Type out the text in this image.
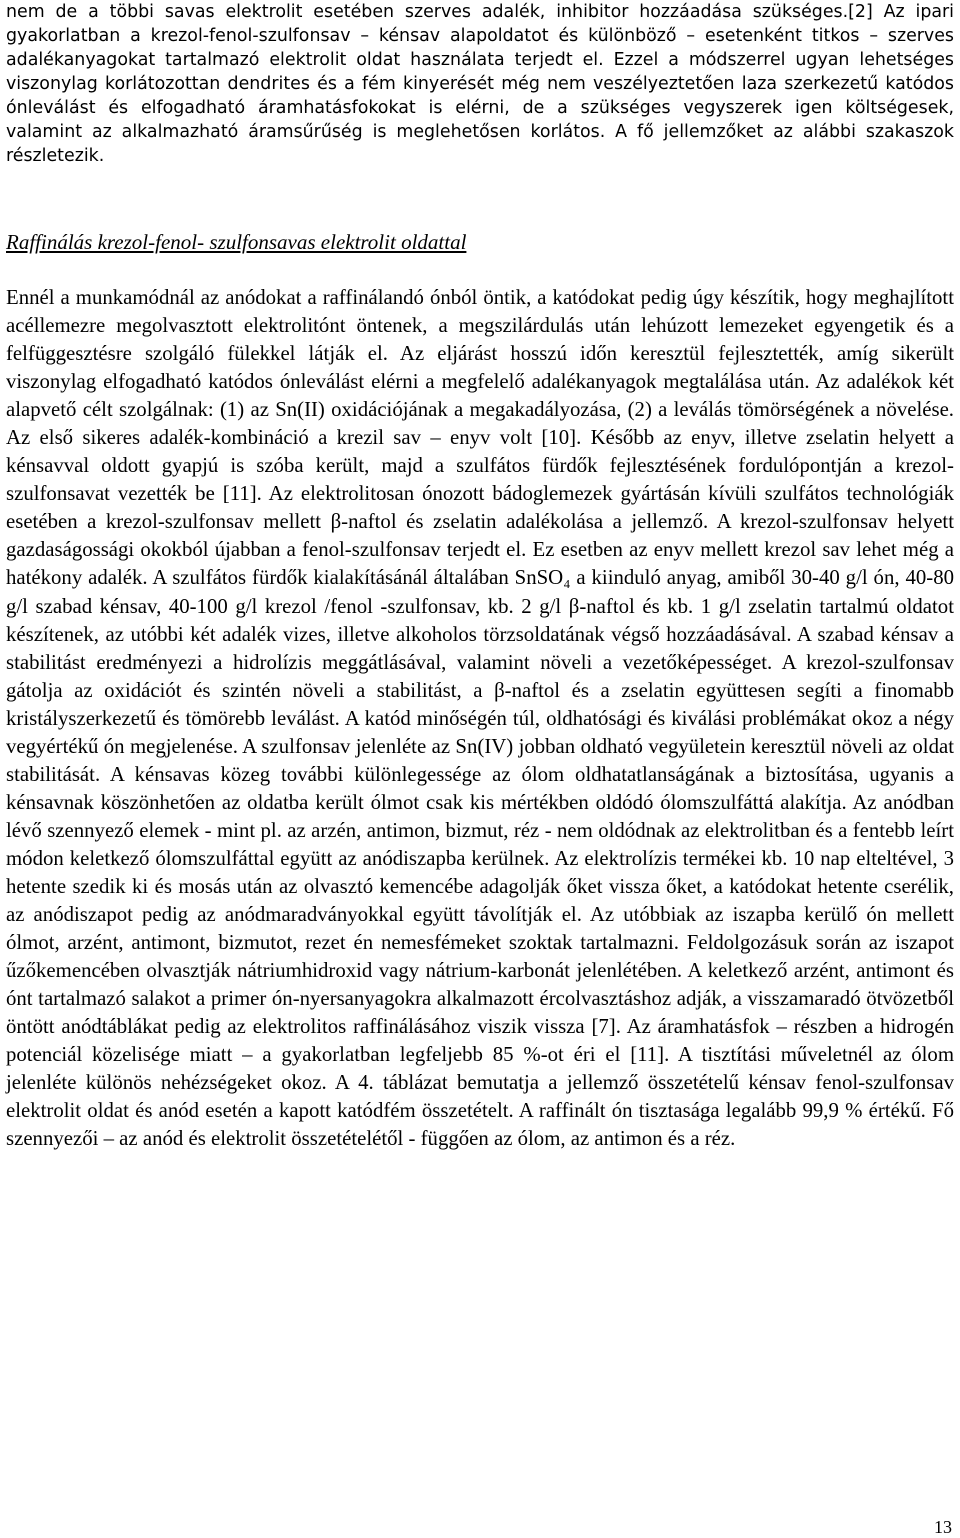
nem de a többi savas elektrolit esetében szerves adalék, inhibitor hozzáadása szükséges.[2] Az ipari gyakorlatban a krezol-fenol-szulfonsav – kénsav alapoldatot és különböző – esetenként titkos – szerves adalékanyagokat tartalmazó elektrolit oldat használata terjedt el. Ezzel a módszerrel ugyan lehetséges viszonylag korlátozottan dendrites és a fém kinyerését még nem veszélyeztetően laza szerkezetű katódos ónleválást és elfogadható áramhatásfokokat is elérni, de a szükséges vegyszerek igen költségesek, valamint az alkalmazható áramsűrűség is meglehetősen korlátos. A fő jellemzőket az alábbi szakaszok részletezik.

Raffinálás krezol-fenol- szulfonsavas elektrolit oldattal

Ennél a munkamódnál az anódokat a raffinálandó ónból öntik, a katódokat pedig úgy készítik, hogy meghajlított acéllemezre megolvasztott elektrolitónt öntenek, a megszilárdulás után lehúzott lemezeket egyengetik és a felfüggesztésre szolgáló fülekkel látják el. Az eljárást hosszú időn keresztül fejlesztették, amíg sikerült viszonylag elfogadható katódos ónleválást elérni a megfelelő adalékanyagok megtalálása után. Az adalékok két alapvető célt szolgálnak: (1) az Sn(II) oxidációjának a megakadályozása, (2) a leválás tömörségének a növelése. Az első sikeres adalék-kombináció a krezil sav – enyv volt [10]. Később az enyv, illetve zselatin helyett a kénsavval oldott gyapjú is szóba került, majd a szulfátos fürdők fejlesztésének fordulópontján a krezol-szulfonsavat vezették be [11]. Az elektrolitosan ónozott bádoglemezek gyártásán kívüli szulfátos technológiák esetében a krezol-szulfonsav mellett β-naftol és zselatin adalékolása a jellemző. A krezol-szulfonsav helyett gazdaságossági okokból újabban a fenol-szulfonsav terjedt el. Ez esetben az enyv mellett krezol sav lehet még a hatékony adalék. A szulfátos fürdők kialakításánál általában SnSO₄ a kiinduló anyag, amiből 30-40 g/l ón, 40-80 g/l szabad kénsav, 40-100 g/l krezol /fenol -szulfonsav, kb. 2 g/l β-naftol és kb. 1 g/l zselatin tartalmú oldatot készítenek, az utóbbi két adalék vizes, illetve alkoholos törzsoldatának végső hozzáadásával. A szabad kénsav a stabilitást eredményezi a hidrolízis meggátlásával, valamint növeli a vezetőképességet. A krezol-szulfonsav gátolja az oxidációt és szintén növeli a stabilitást, a β-naftol és a zselatin együttesen segíti a finomabb kristályszerkezetű és tömörebb leválást. A katód minőségén túl, oldhatósági és kiválási problémákat okoz a négy vegyértékű ón megjelenése. A szulfonsav jelenléte az Sn(IV) jobban oldható vegyületein keresztül növeli az oldat stabilitását. A kénsavas közeg további különlegessége az ólom oldhatatlanságának a biztosítása, ugyanis a kénsavnak köszönhetően az oldatba került ólmot csak kis mértékben oldódó ólomszulfáttá alakítja. Az anódban lévő szennyező elemek - mint pl. az arzén, antimon, bizmut, réz - nem oldódnak az elektrolitban és a fentebb leírt módon keletkező ólomszulfáttal együtt az anódiszapba kerülnek. Az elektrolízis termékei kb. 10 nap elteltével, 3 hetente szedik ki és mosás után az olvasztó kemencébe adagolják őket vissza őket, a katódokat hetente cserélik, az anódiszapot pedig az anódmaradványokkal együtt távolítják el. Az utóbbiak az iszapba kerülő ón mellett ólmot, arzént, antimont, bizmutot, rezet én nemesfémeket szoktak tartalmazni. Feldolgozásuk során az iszapot űzőkemencében olvasztják nátriumhidroxid vagy nátrium-karbonát jelenlétében. A keletkező arzént, antimont és ónt tartalmazó salakot a primer ón-nyersanyagokra alkalmazott ércolvasztáshoz adják, a visszamaradó ötvözetből öntött anódtáblákat pedig az elektrolitos raffinálásához viszik vissza [7]. Az áramhatásfok – részben a hidrogén potenciál közelisége miatt – a gyakorlatban legfeljebb 85 %-ot éri el [11]. A tisztítási műveletnél az ólom jelenléte különös nehézségeket okoz. A 4. táblázat bemutatja a jellemző összetételű kénsav fenol-szulfonsav elektrolit oldat és anód esetén a kapott katódfém összetételt. A raffinált ón tisztasága legalább 99,9 % értékű. Fő szennyezői – az anód és elektrolit összetételétől - függően az ólom, az antimon és a réz.

13
